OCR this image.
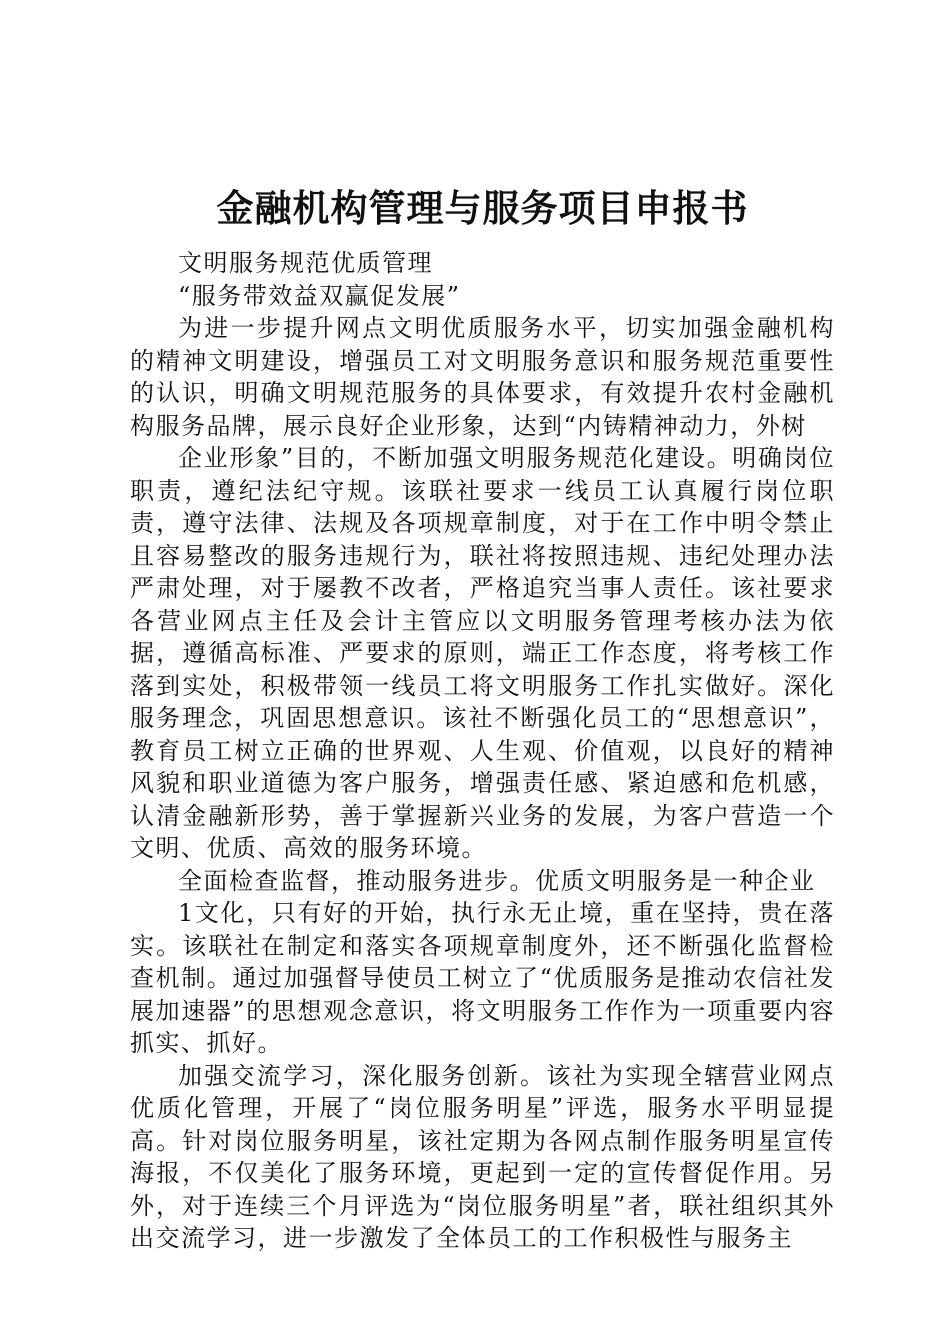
金融机构管理与服务项目申报书

文明服务规范优质管理

“服务带效益双赢促发展”

为进一步提升网点文明优质服务水平，切实加强金融机构的精神文明建设，增强员工对文明服务意识和服务规范重要性的认识，明确文明规范服务的具体要求，有效提升农村金融机构服务品牌，展示良好企业形象，达到“内铸精神动力，外树

企业形象”目的，不断加强文明服务规范化建设。明确岗位职责，遵纪法纪守规。该联社要求一线员工认真履行岗位职责，遵守法律、法规及各项规章制度，对于在工作中明令禁止且容易整改的服务违规行为，联社将按照违规、违纪处理办法严肃处理，对于屡教不改者，严格追究当事人责任。该社要求各营业网点主任及会计主管应以文明服务管理考核办法为依据，遵循高标准、严要求的原则，端正工作态度，将考核工作落到实处，积极带领一线员工将文明服务工作扎实做好。深化服务理念，巩固思想意识。该社不断强化员工的“思想意识”，教育员工树立正确的世界观、人生观、价值观，以良好的精神风貌和职业道德为客户服务，增强责任感、紧迫感和危机感，认清金融新形势，善于掌握新兴业务的发展，为客户营造一个文明、优质、高效的服务环境。

全面检查监督，推动服务进步。优质文明服务是一种企业

1文化，只有好的开始，执行永无止境，重在坚持，贵在落实。该联社在制定和落实各项规章制度外，还不断强化监督检查机制。通过加强督导使员工树立了“优质服务是推动农信社发展加速器”的思想观念意识，将文明服务工作作为一项重要内容抓实、抓好。

加强交流学习，深化服务创新。该社为实现全辖营业网点优质化管理，开展了“岗位服务明星”评选，服务水平明显提高。针对岗位服务明星，该社定期为各网点制作服务明星宣传海报，不仅美化了服务环境，更起到一定的宣传督促作用。另外，对于连续三个月评选为“岗位服务明星”者，联社组织其外出交流学习，进一步激发了全体员工的工作积极性与服务主
